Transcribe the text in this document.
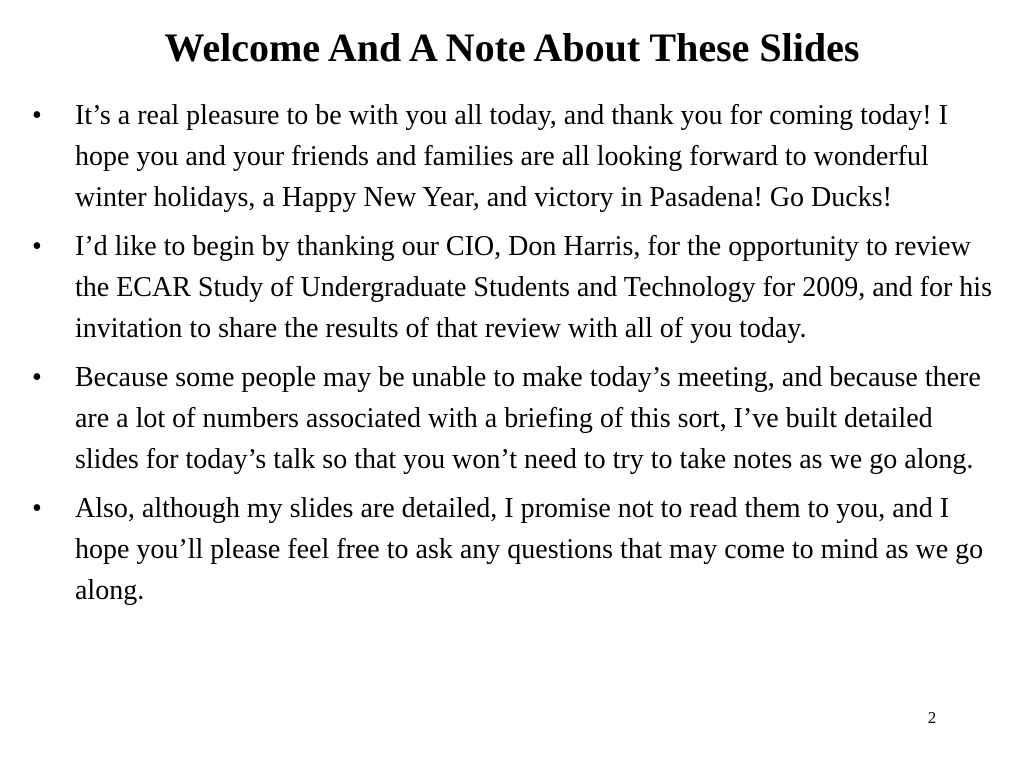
Welcome And A Note About These Slides
•	It’s a real pleasure to be with you all today, and thank you for coming today! I hope you and your friends and families are all looking forward to wonderful winter holidays, a Happy New Year, and victory in Pasadena! Go Ducks!
•	I’d like to begin by thanking our CIO, Don Harris, for the opportunity to review the ECAR Study of Undergraduate Students and Technology for 2009, and for his invitation to share the results of that review with all of you today.
•	Because some people may be unable to make today’s meeting, and because there are a lot of numbers associated with a briefing of this sort, I’ve built detailed slides for today’s talk so that you won’t need to try to take notes as we go along.
•	Also, although my slides are detailed, I promise not to read them to you, and I hope you’ll please feel free to ask any questions that may come to mind as we go along.
2
